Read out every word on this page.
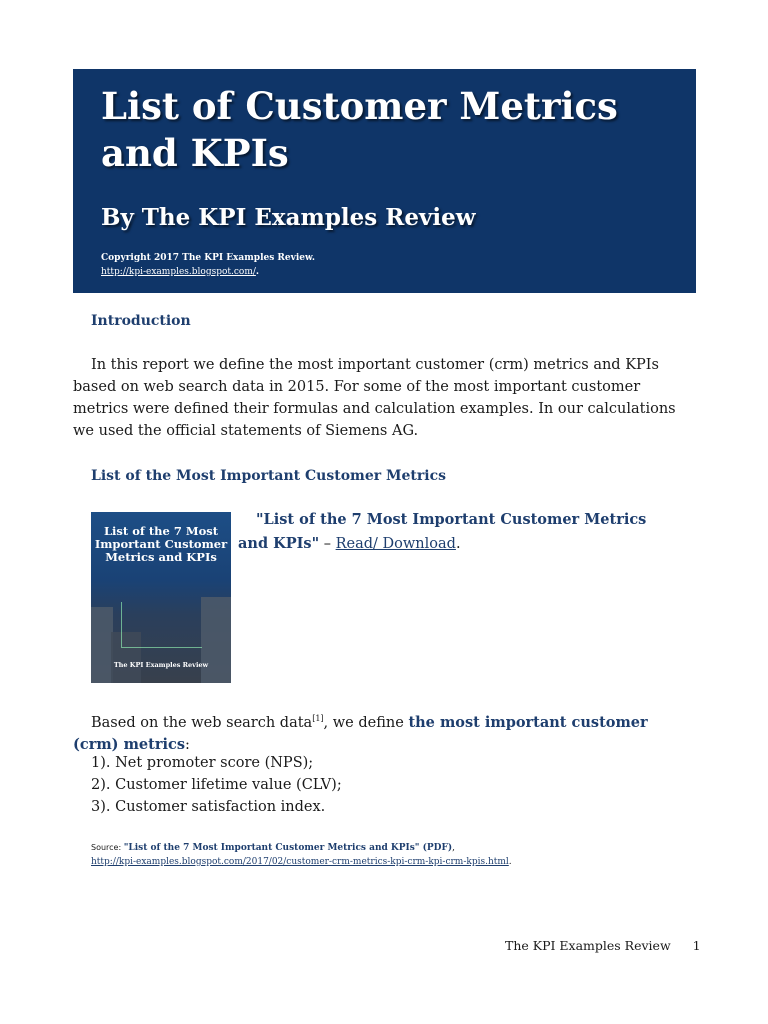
List of Customer Metrics and KPIs

By The KPI Examples Review

Copyright 2017 The KPI Examples Review.
http://kpi-examples.blogspot.com/.
Introduction

In this report we define the most important customer (crm) metrics and KPIs based on web search data in 2015. For some of the most important customer metrics were defined their formulas and calculation examples. In our calculations we used the official statements of Siemens AG.

List of the Most Important Customer Metrics
List of the 7 Most Important Customer Metrics and KPIs
The KPI Examples Review
"List of the 7 Most Important Customer Metrics and KPIs" – Read/ Download.

Based on the web search data[1], we define the most important customer (crm) metrics:

1). Net promoter score (NPS);
2). Customer lifetime value (CLV);
3). Customer satisfaction index.
Source: "List of the 7 Most Important Customer Metrics and KPIs" (PDF),
http://kpi-examples.blogspot.com/2017/02/customer-crm-metrics-kpi-crm-kpi-crm-kpis.html.
The KPI Examples Review 1
